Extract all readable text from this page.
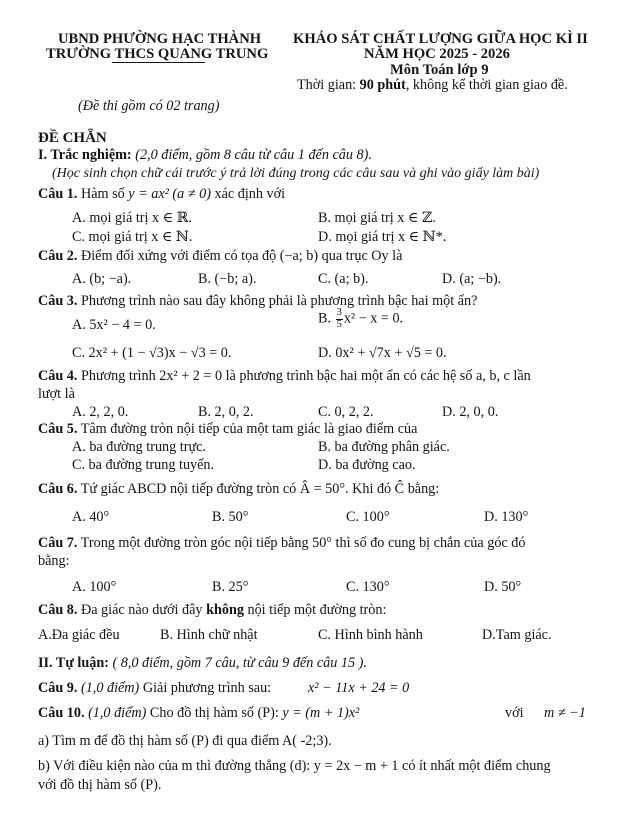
UBND PHƯỜNG HẠC THÀNH
TRƯỜNG THCS QUANG TRUNG
KHẢO SÁT CHẤT LƯỢNG GIỮA HỌC KÌ II
NĂM HỌC 2025 - 2026
Môn Toán lớp 9
Thời gian: 90 phút, không kể thời gian giao đề.
(Đề thi gồm có 02 trang)
ĐỀ CHẴN
I. Trắc nghiệm: (2,0 điểm, gồm 8 câu từ câu 1 đến câu 8).
(Học sinh chọn chữ cái trước ý trả lời đúng trong các câu sau và ghi vào giấy làm bài)
Câu 1. Hàm số y = ax² (a ≠ 0) xác định với
A. mọi giá trị x ∈ ℝ.	B. mọi giá trị x ∈ ℤ.
C. mọi giá trị x ∈ ℕ.	D. mọi giá trị x ∈ ℕ*.
Câu 2. Điểm đối xứng với điểm có tọa độ (−a; b) qua trục Oy là
A. (b; −a).	B. (−b; a).	C. (a; b).	D. (a; −b).
Câu 3. Phương trình nào sau đây không phải là phương trình bậc hai một ẩn?
A. 5x² − 4 = 0.	B. $\frac{3}{5} x^2 - x = 0$.
C. 2x² + (1 − √3)x − √3 = 0.	D. 0x² + √7x + √5 = 0.
Câu 4. Phương trình 2x² + 2 = 0 là phương trình bậc hai một ẩn có các hệ số a, b, c lần
lượt là
A. 2, 2, 0.	B. 2, 0, 2.	C. 0, 2, 2.	D. 2, 0, 0.
Câu 5. Tâm đường tròn nội tiếp của một tam giác là giao điểm của
A. ba đường trung trực.	B. ba đường phân giác.
C. ba đường trung tuyến.	D. ba đường cao.
Câu 6. Tứ giác ABCD nội tiếp đường tròn có Â = 50°. Khi đó Ĉ bằng:
A. 40°	B. 50°	C. 100°	D. 130°
Câu 7. Trong một đường tròn góc nội tiếp bằng 50° thì số đo cung bị chắn của góc đó
bằng:
A. 100°	B. 25°	C. 130°	D. 50°
Câu 8. Đa giác nào dưới đây không nội tiếp một đường tròn:
A.Đa giác đều	B. Hình chữ nhật	C. Hình bình hành	D.Tam giác.
II. Tự luận: ( 8,0 điểm, gồm 7 câu, từ câu 9 đến câu 15 ).
Câu 9. (1,0 điểm) Giải phương trình sau:	x² − 11x + 24 = 0
Câu 10. (1,0 điểm) Cho đồ thị hàm số (P): y = (m + 1)x²	với m ≠ −1
a) Tìm m để đồ thị hàm số (P) đi qua điểm A( -2;3).
b) Với điều kiện nào của m thì đường thẳng (d): y = 2x − m + 1 có ít nhất một điểm chung
với đồ thị hàm số (P).
